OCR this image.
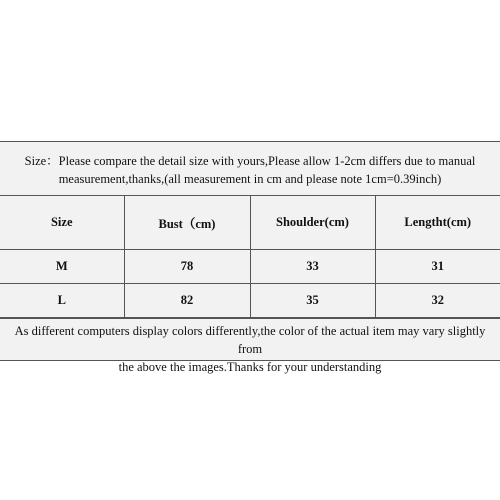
Size：Please compare the detail size with yours,Please allow 1-2cm differs due to manual
measurement,thanks,(all measurement in cm and please note 1cm=0.39inch)
Size	Bust（cm)	Shoulder(cm)	Lengtht(cm)
M	78	33	31
L	82	35	32
As different computers display colors differently,the color of the actual item may vary slightly from
the above the images.Thanks for your understanding
